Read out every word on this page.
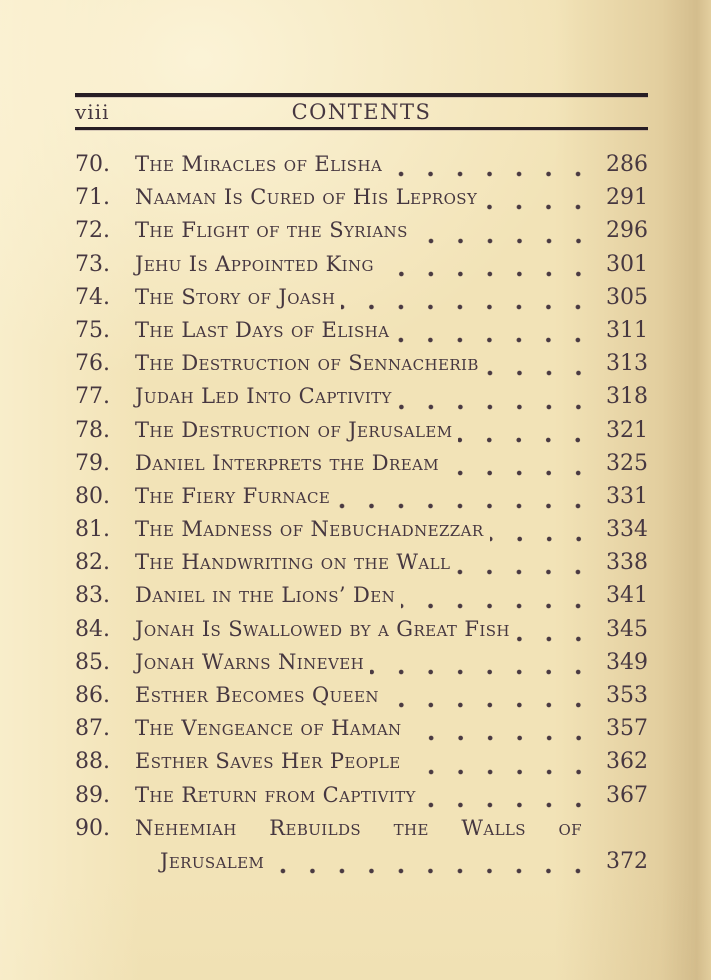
viii	CONTENTS
70.	The Miracles of Elisha	286
71.	Naaman Is Cured of His Leprosy	291
72.	The Flight of the Syrians	296
73.	Jehu Is Appointed King	301
74.	The Story of Joash	305
75.	The Last Days of Elisha	311
76.	The Destruction of Sennacherib	313
77.	Judah Led Into Captivity	318
78.	The Destruction of Jerusalem	321
79.	Daniel Interprets the Dream	325
80.	The Fiery Furnace	331
81.	The Madness of Nebuchadnezzar	334
82.	The Handwriting on the Wall	338
83.	Daniel in the Lions’ Den	341
84.	Jonah Is Swallowed by a Great Fish	345
85.	Jonah Warns Nineveh	349
86.	Esther Becomes Queen	353
87.	The Vengeance of Haman	357
88.	Esther Saves Her People	362
89.	The Return from Captivity	367
90.	Nehemiah Rebuilds the Walls of
Jerusalem	372
